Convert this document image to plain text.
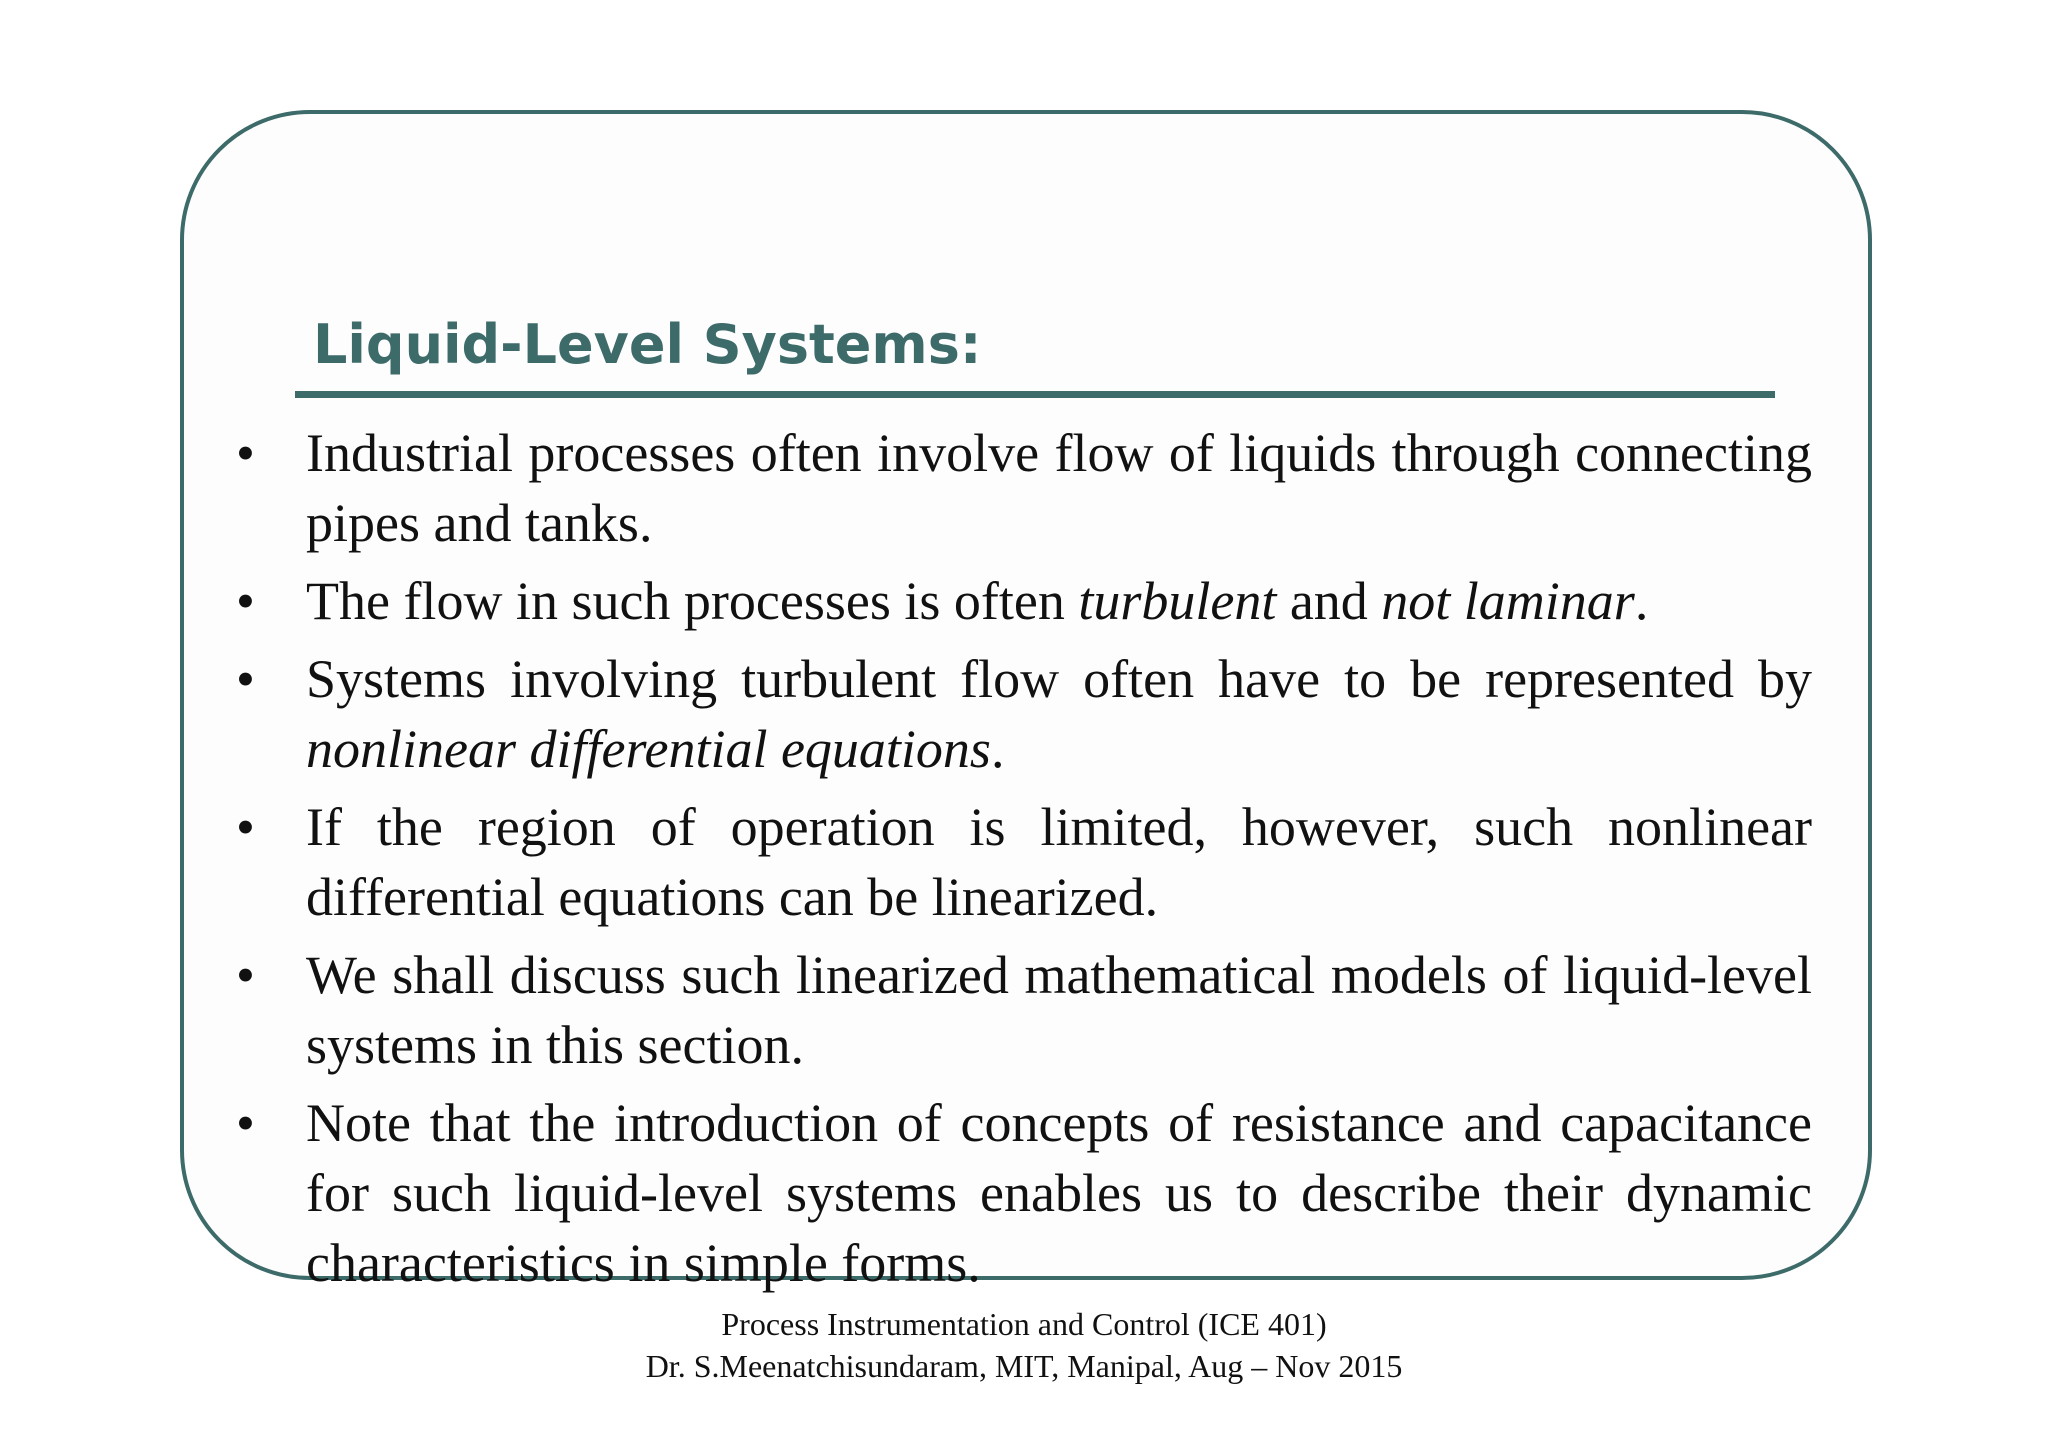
Liquid-Level Systems:
• Industrial processes often involve flow of liquids through connecting pipes and tanks.
• The flow in such processes is often turbulent and not laminar.
• Systems involving turbulent flow often have to be represented by nonlinear differential equations.
• If the region of operation is limited, however, such nonlinear differential equations can be linearized.
• We shall discuss such linearized mathematical models of liquid-level systems in this section.
• Note that the introduction of concepts of resistance and capacitance for such liquid-level systems enables us to describe their dynamic characteristics in simple forms.
Process Instrumentation and Control (ICE 401)
Dr. S.Meenatchisundaram, MIT, Manipal, Aug – Nov 2015
